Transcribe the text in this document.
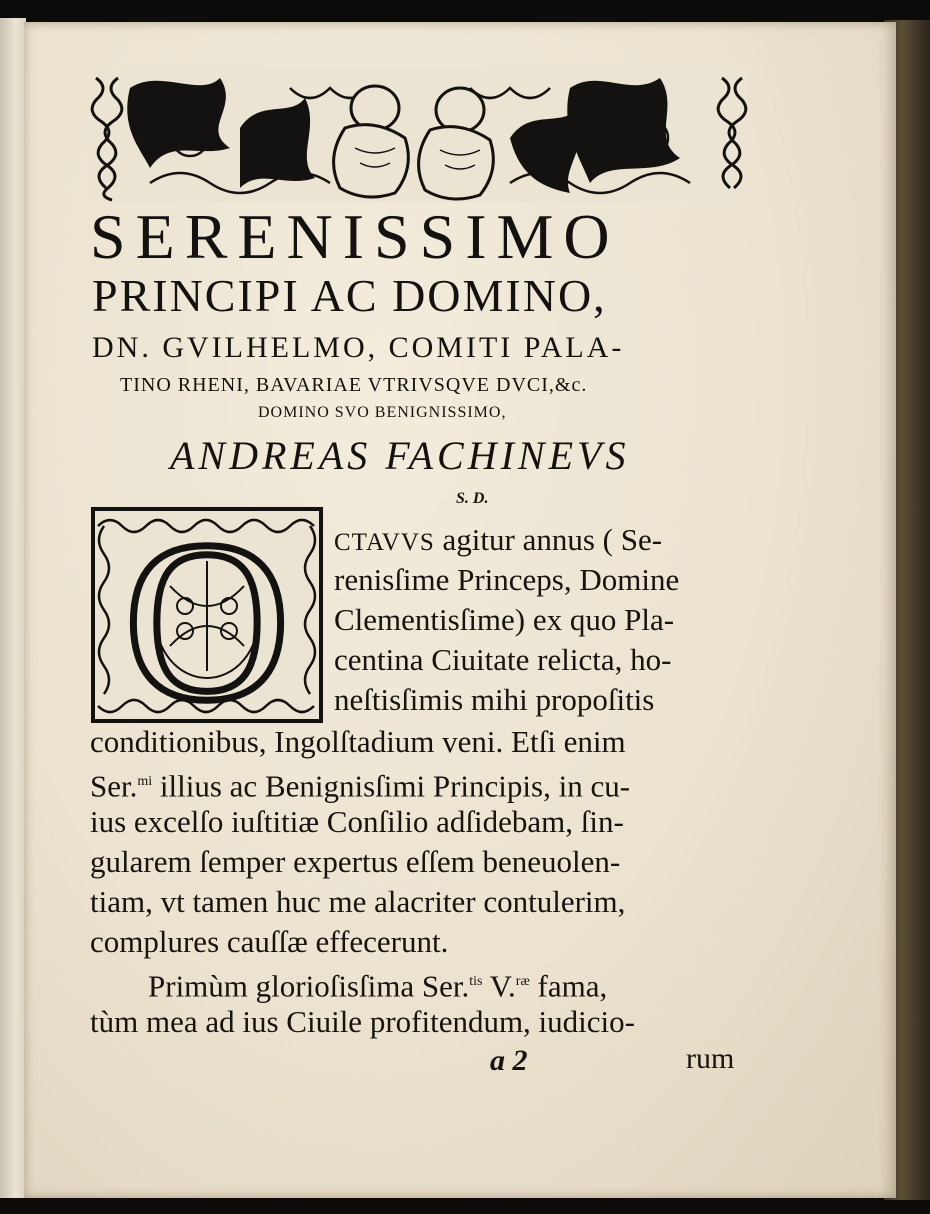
SERENISSIMO
PRINCIPI AC DOMINO,
DN. GVILHELMO, COMITI PALA-
TINO RHENI, BAVARIAE VTRIVSQVE DVCI,&c.
DOMINO SVO BENIGNISSIMO,
ANDREAS FACHINEVS
S. D.
O CTAVVS agitur annus ( Se-
renisſime Princeps, Domine
Clementisſime) ex quo Pla-
centina Ciuitate relicta, ho-
neſtisſimis mihi propoſitis
conditionibus, Ingolſtadium veni. Etſi enim
Ser.$^{mi}$ illius ac Benignisſimi Principis, in cu-
ius excelſo iuſtitiæ Conſilio adſidebam, ſin-
gularem ſemper expertus eſſem beneuolen-
tiam, vt tamen huc me alacriter contulerim,
complures cauſſæ effecerunt.
Primùm glorioſisſima Ser.$^{tis}$ V.$^{ræ}$ fama,
tùm mea ad ius Ciuile profitendum, iudicio-
a 2	rum
